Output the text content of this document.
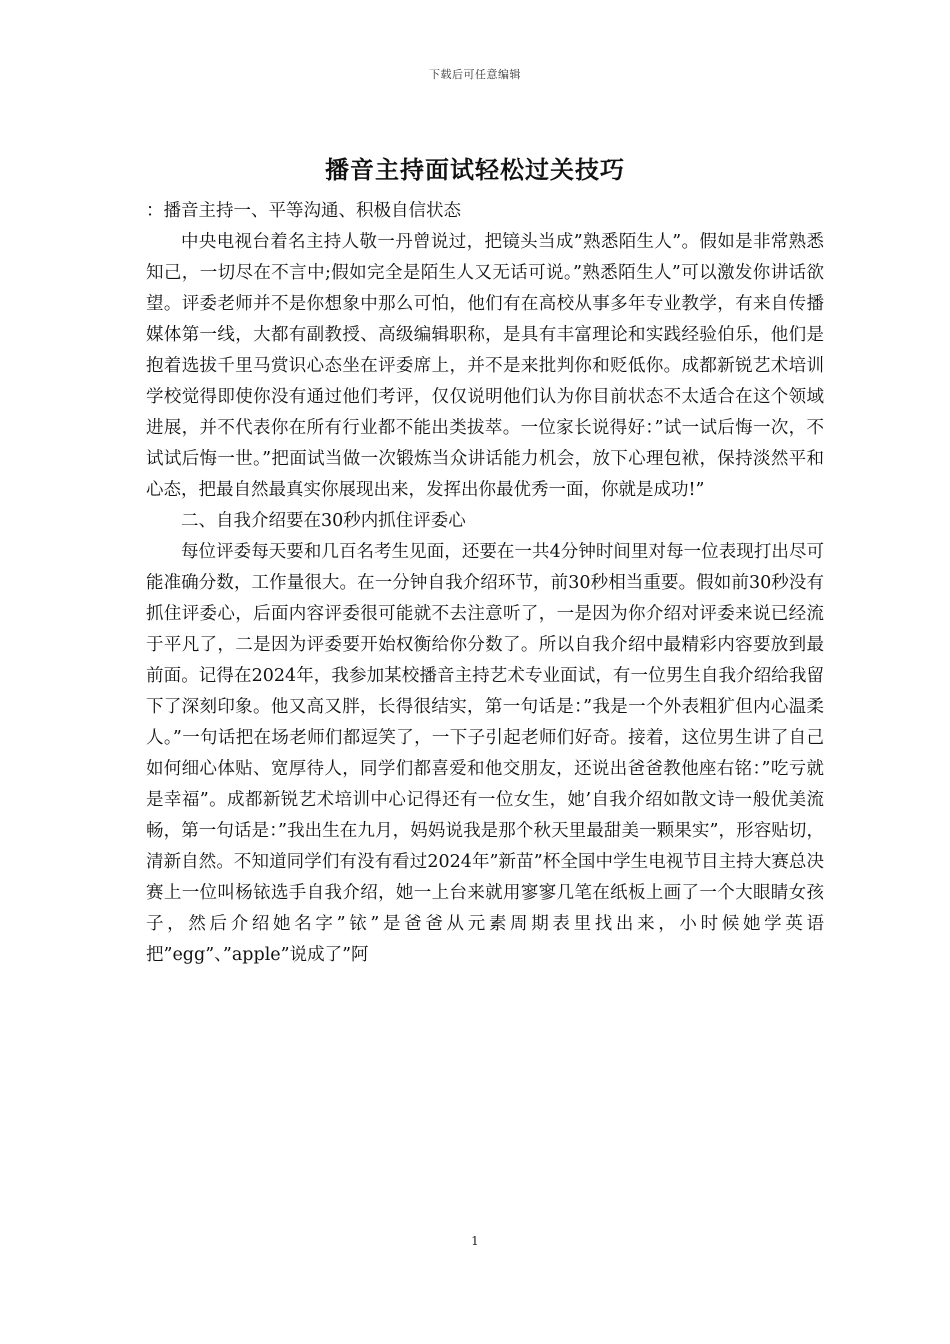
下载后可任意编辑
播音主持面试轻松过关技巧

：播音主持一、平等沟通、积极自信状态

中央电视台着名主持人敬一丹曾说过，把镜头当成”熟悉陌生人”。假如是非常熟悉知己，一切尽在不言中;假如完全是陌生人又无话可说。”熟悉陌生人”可以激发你讲话欲望。评委老师并不是你想象中那么可怕，他们有在高校从事多年专业教学，有来自传播媒体第一线，大都有副教授、高级编辑职称，是具有丰富理论和实践经验伯乐，他们是抱着选拔千里马赏识心态坐在评委席上，并不是来批判你和贬低你。成都新锐艺术培训学校觉得即使你没有通过他们考评，仅仅说明他们认为你目前状态不太适合在这个领域进展，并不代表你在所有行业都不能出类拔萃。一位家长说得好：”试一试后悔一次，不试试后悔一世。”把面试当做一次锻炼当众讲话能力机会，放下心理包袱，保持淡然平和心态，把最自然最真实你展现出来，发挥出你最优秀一面，你就是成功!”

二、自我介绍要在30秒内抓住评委心

每位评委每天要和几百名考生见面，还要在一共4分钟时间里对每一位表现打出尽可能准确分数，工作量很大。在一分钟自我介绍环节，前30秒相当重要。假如前30秒没有抓住评委心，后面内容评委很可能就不去注意听了，一是因为你介绍对评委来说已经流于平凡了，二是因为评委要开始权衡给你分数了。所以自我介绍中最精彩内容要放到最前面。记得在2024年，我参加某校播音主持艺术专业面试，有一位男生自我介绍给我留下了深刻印象。他又高又胖，长得很结实，第一句话是：”我是一个外表粗犷但内心温柔人。”一句话把在场老师们都逗笑了，一下子引起老师们好奇。接着，这位男生讲了自己如何细心体贴、宽厚待人，同学们都喜爱和他交朋友，还说出爸爸教他座右铭：”吃亏就是幸福”。成都新锐艺术培训中心记得还有一位女生，她’自我介绍如散文诗一般优美流畅，第一句话是：”我出生在九月，妈妈说我是那个秋天里最甜美一颗果实”，形容贴切，清新自然。不知道同学们有没有看过2024年”新苗”杯全国中学生电视节目主持大赛总决赛上一位叫杨铱选手自我介绍，她一上台来就用寥寥几笔在纸板上画了一个大眼睛女孩子，然后介绍她名字”铱”是爸爸从元素周期表里找出来，小时候她学英语把”egg”、”apple”说成了”阿

1
